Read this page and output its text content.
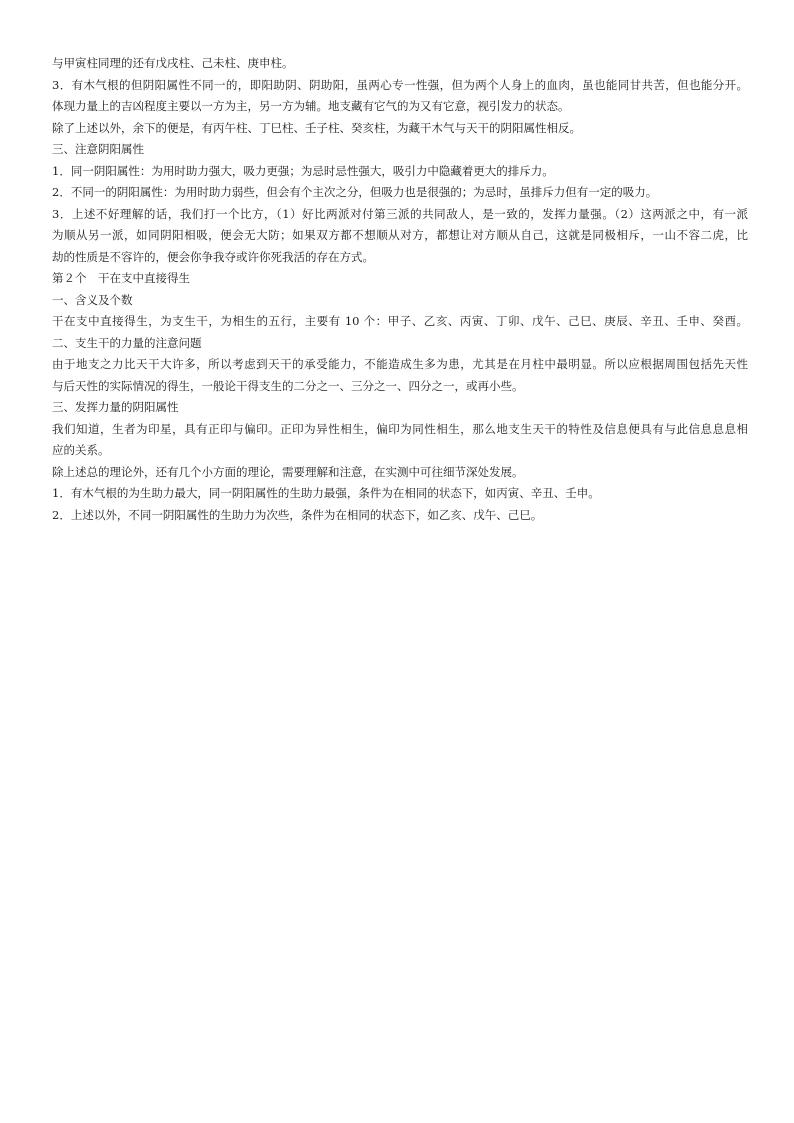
与甲寅柱同理的还有戊戌柱、己未柱、庚申柱。
3．有木气根的但阴阳属性不同一的，即阳助阴、阴助阳，虽两心专一性强，但为两个人身上的血肉，虽也能同甘共苦，但也能分开。
体现力量上的吉凶程度主要以一方为主，另一方为辅。地支藏有它气的为又有它意，视引发力的状态。
除了上述以外，余下的便是，有丙午柱、丁巳柱、壬子柱、癸亥柱，为藏干木气与天干的阴阳属性相反。
三、注意阴阳属性
1．同一阴阳属性：为用时助力强大，吸力更强；为忌时忌性强大，吸引力中隐藏着更大的排斥力。
2．不同一的阴阳属性：为用时助力弱些，但会有个主次之分，但吸力也是很强的；为忌时，虽排斥力但有一定的吸力。
3．上述不好理解的话，我们打一个比方，（1）好比两派对付第三派的共同敌人，是一致的，发挥力量强。（2）这两派之中，有一派
为顺从另一派，如同阴阳相吸，便会无大防；如果双方都不想顺从对方，都想让对方顺从自己，这就是同极相斥，一山不容二虎，比
劫的性质是不容许的，便会你争我夺或许你死我活的存在方式。
第２个　干在支中直接得生
一、含义及个数
干在支中直接得生，为支生干，为相生的五行，主要有 10 个：甲子、乙亥、丙寅、丁卯、戊午、己巳、庚辰、辛丑、壬申、癸酉。
二、支生干的力量的注意问题
由于地支之力比天干大许多，所以考虑到天干的承受能力，不能造成生多为患，尤其是在月柱中最明显。所以应根据周围包括先天性
与后天性的实际情况的得生，一般论干得支生的二分之一、三分之一、四分之一，或再小些。
三、发挥力量的阴阳属性
我们知道，生者为印星，具有正印与偏印。正印为异性相生，偏印为同性相生，那么地支生天干的特性及信息便具有与此信息息息相
应的关系。
除上述总的理论外，还有几个小方面的理论，需要理解和注意，在实测中可往细节深处发展。
1．有木气根的为生助力最大，同一阴阳属性的生助力最强，条件为在相同的状态下，如丙寅、辛丑、壬申。
2．上述以外，不同一阴阳属性的生助力为次些，条件为在相同的状态下，如乙亥、戊午、己巳。
